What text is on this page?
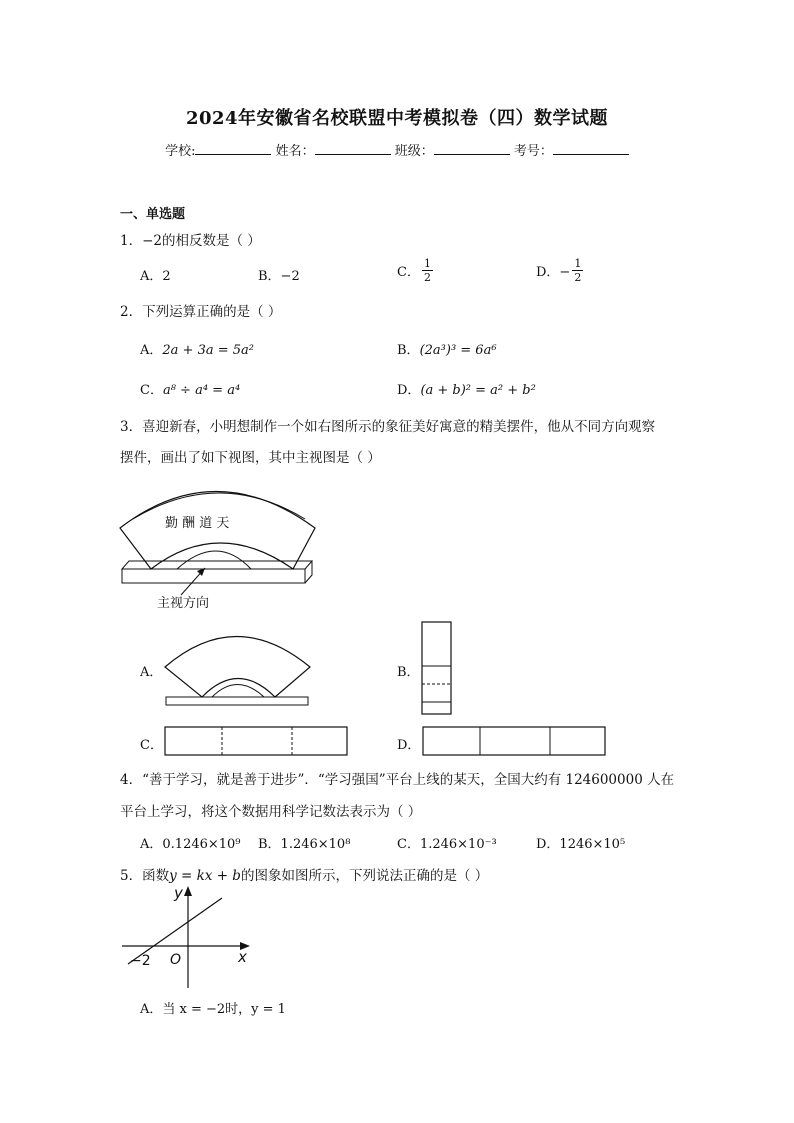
2024年安徽省名校联盟中考模拟卷（四）数学试题
学校:	姓名：	班级：	考号：
一、单选题
1．−2的相反数是（ ）
A．2	B．−2	C． $\frac{1}{2}$	D．− $\frac{1}{2}$
2．下列运算正确的是（ ）
A．2a + 3a = 5a²	B．(2a³)³ = 6a⁶
C．a⁸ ÷ a⁴ = a⁴	D．(a + b)² = a² + b²
3．喜迎新春，小明想制作一个如右图所示的象征美好寓意的精美摆件，他从不同方向观察
摆件，画出了如下视图，其中主视图是（ ）
勤 酬 道 天
主视方向
A．	B．
C．	D．
4．“善于学习，就是善于进步”．“学习强国”平台上线的某天，全国大约有 124600000 人在
平台上学习，将这个数据用科学记数法表示为（ ）
A．0.1246×10⁹ B．1.246×10⁸	C．1.246×10⁻³	D．1246×10⁵
5．函数y = kx + b的图象如图所示，下列说法正确的是（ ）
y
x
O
−2
A．当 x = −2时，y = 1
